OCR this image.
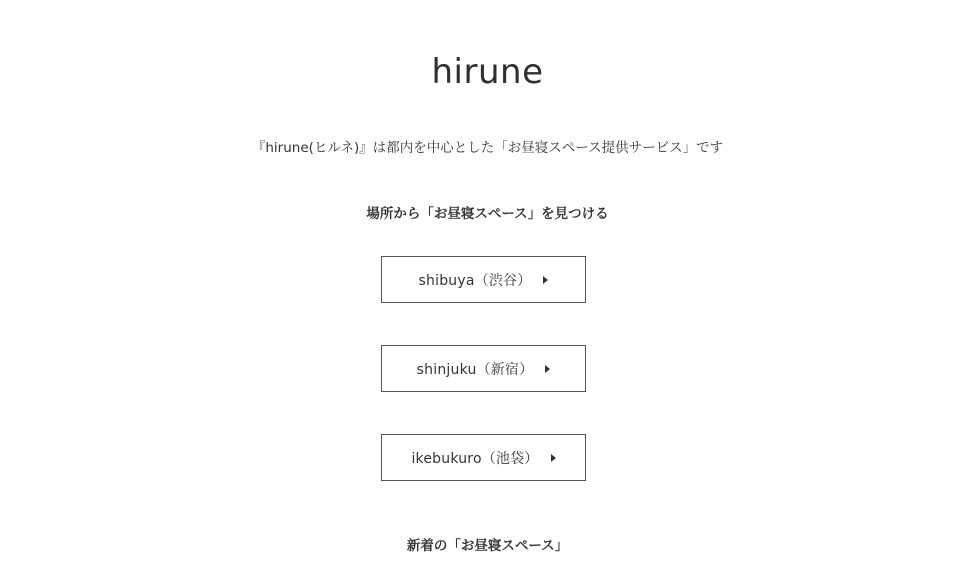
hirune

『hirune(ヒルネ)』は都内を中心とした「お昼寝スペース提供サービス」です

場所から「お昼寝スペース」を見つける
shibuya（渋谷）
shinjuku（新宿）
ikebukuro（池袋）
新着の「お昼寝スペース」
